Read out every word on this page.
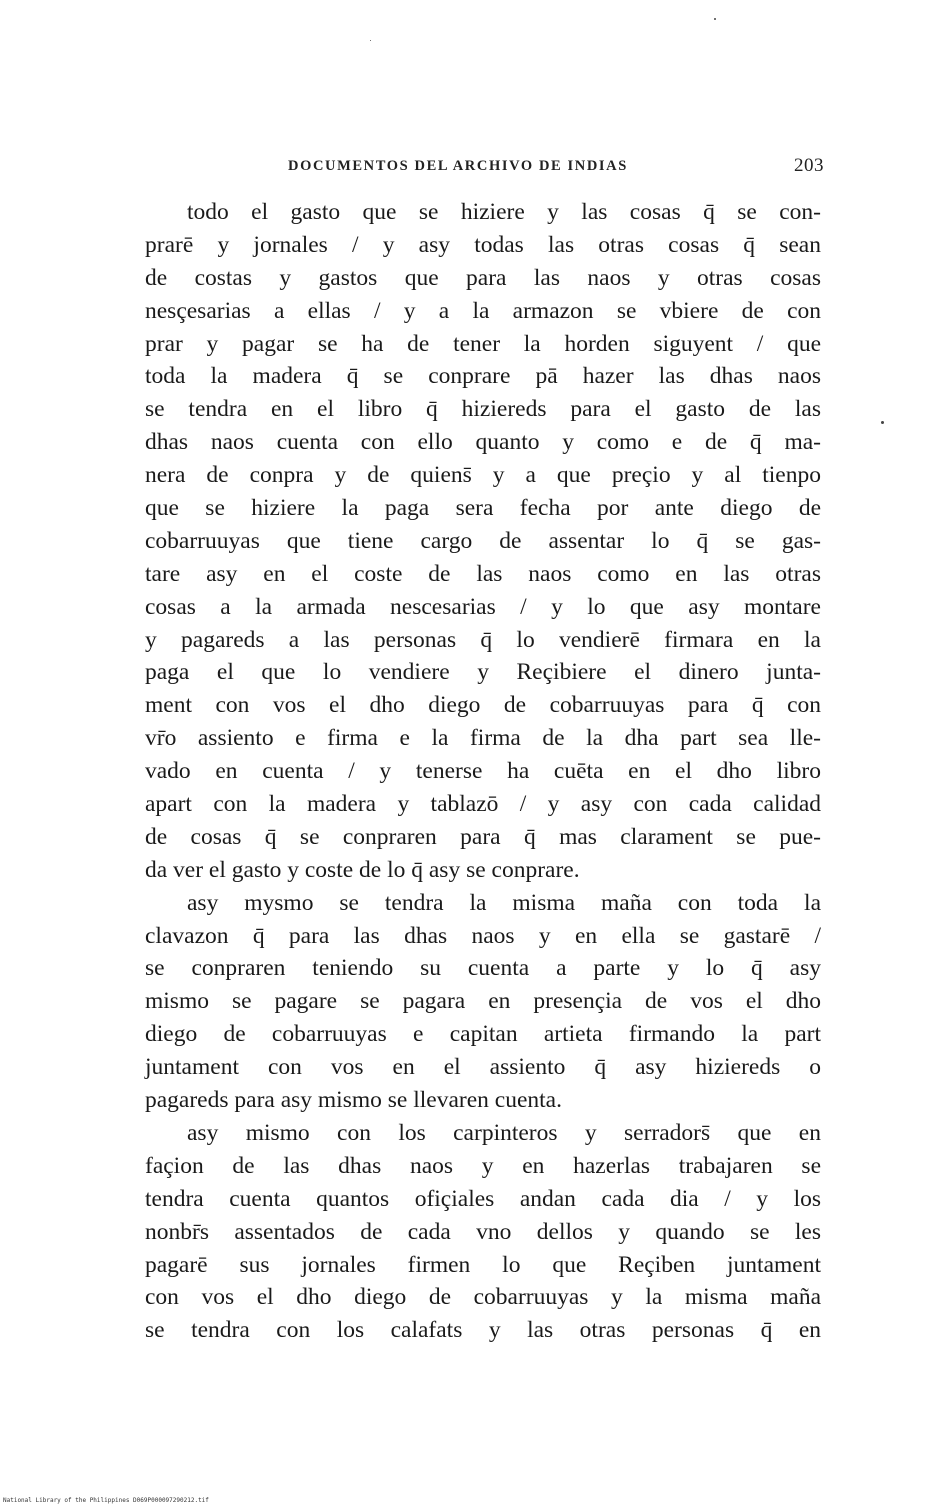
DOCUMENTOS DEL ARCHIVO DE INDIAS	203
todo el gasto que se hiziere y las cosas q̄ se con-
prarē y jornales / y asy todas las otras cosas q̄ sean
de costas y gastos que para las naos y otras cosas
nesçesarias a ellas / y a la armazon se vbiere de con
prar y pagar se ha de tener la horden siguyent / que
toda la madera q̄ se conprare pā hazer las dhas naos
se tendra en el libro q̄ hiziereds para el gasto de las
dhas naos cuenta con ello quanto y como e de q̄ ma-
nera de conpra y de quiens̄ y a que preçio y al tienpo
que se hiziere la paga sera fecha por ante diego de
cobarruuyas que tiene cargo de assentar lo q̄ se gas-
tare asy en el coste de las naos como en las otras
cosas a la armada nescesarias / y lo que asy montare
y pagareds a las personas q̄ lo vendierē firmara en la
paga el que lo vendiere y Reçibiere el dinero junta-
ment con vos el dho diego de cobarruuyas para q̄ con
vr̄o assiento e firma e la firma de la dha part sea lle-
vado en cuenta / y tenerse ha cuēta en el dho libro
apart con la madera y tablazō / y asy con cada calidad
de cosas q̄ se conpraren para q̄ mas clarament se pue-
da ver el gasto y coste de lo q̄ asy se conprare.
asy mysmo se tendra la misma maña con toda la
clavazon q̄ para las dhas naos y en ella se gastarē /
se conpraren teniendo su cuenta a parte y lo q̄ asy
mismo se pagare se pagara en presençia de vos el dho
diego de cobarruuyas e capitan artieta firmando la part
juntament con vos en el assiento q̄ asy hiziereds o
pagareds para asy mismo se llevaren cuenta.
asy mismo con los carpinteros y serradors̄ que en
façion de las dhas naos y en hazerlas trabajaren se
tendra cuenta quantos ofiçiales andan cada dia / y los
nonbr̄s assentados de cada vno dellos y quando se les
pagarē sus jornales firmen lo que Reçiben juntament
con vos el dho diego de cobarruuyas y la misma maña
se tendra con los calafats y las otras personas q̄ en
National Library of the Philippines D069P000097290212.tif
